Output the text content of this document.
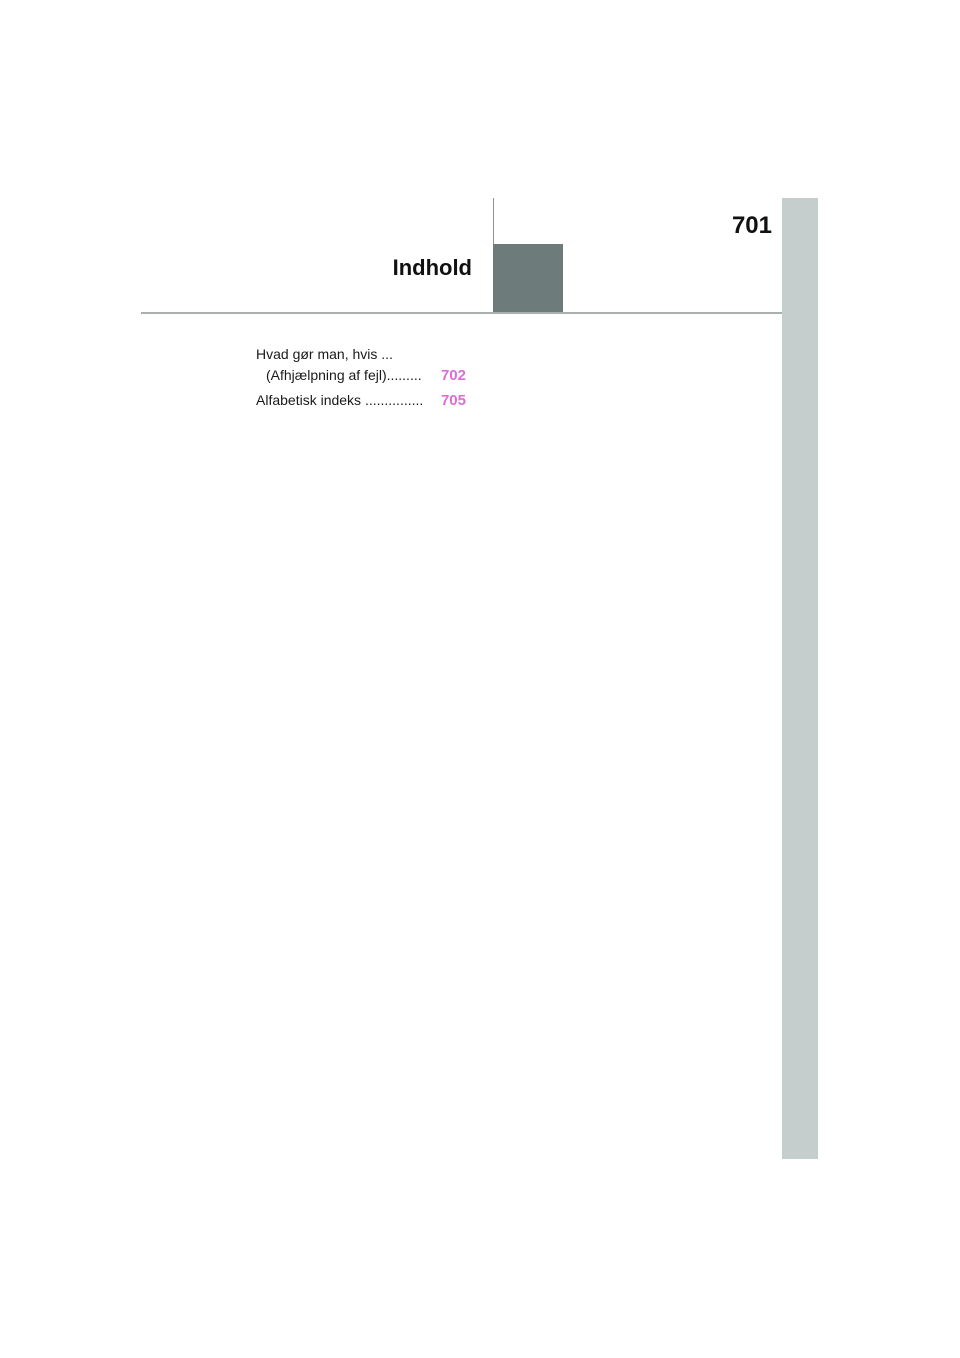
701
Indhold
Hvad gør man, hvis ...
(Afhjælpning af fejl)......... 702
Alfabetisk indeks ............... 705
